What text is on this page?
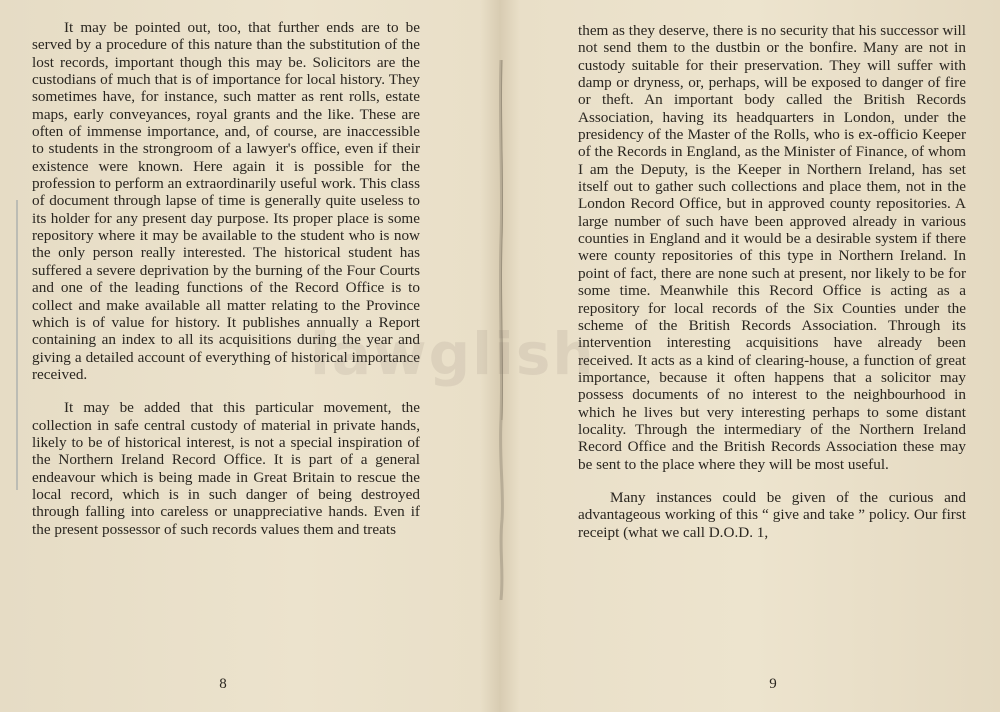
It may be pointed out, too, that further ends are to be served by a procedure of this nature than the substitution of the lost records, important though this may be. Solicitors are the custodians of much that is of importance for local history. They sometimes have, for instance, such matter as rent rolls, estate maps, early conveyances, royal grants and the like. These are often of immense importance, and, of course, are inaccessible to students in the strongroom of a lawyer's office, even if their existence were known. Here again it is possible for the profession to perform an extraordinarily useful work. This class of document through lapse of time is generally quite useless to its holder for any present day purpose. Its proper place is some repository where it may be available to the student who is now the only person really interested. The historical student has suffered a severe deprivation by the burning of the Four Courts and one of the leading functions of the Record Office is to collect and make available all matter relating to the Province which is of value for history. It publishes annually a Report containing an index to all its acquisitions during the year and giving a detailed account of everything of historical importance received.

It may be added that this particular movement, the collection in safe central custody of material in private hands, likely to be of historical interest, is not a special inspiration of the Northern Ireland Record Office. It is part of a general endeavour which is being made in Great Britain to rescue the local record, which is in such danger of being destroyed through falling into careless or unappreciative hands. Even if the present possessor of such records values them and treats

8

them as they deserve, there is no security that his successor will not send them to the dustbin or the bonfire. Many are not in custody suitable for their preservation. They will suffer with damp or dryness, or, perhaps, will be exposed to danger of fire or theft. An important body called the British Records Association, having its headquarters in London, under the presidency of the Master of the Rolls, who is ex-officio Keeper of the Records in England, as the Minister of Finance, of whom I am the Deputy, is the Keeper in Northern Ireland, has set itself out to gather such collections and place them, not in the London Record Office, but in approved county repositories. A large number of such have been approved already in various counties in England and it would be a desirable system if there were county repositories of this type in Northern Ireland. In point of fact, there are none such at present, nor likely to be for some time. Meanwhile this Record Office is acting as a repository for local records of the Six Counties under the scheme of the British Records Association. Through its intervention interesting acquisitions have already been received. It acts as a kind of clearing-house, a function of great importance, because it often happens that a solicitor may possess documents of no interest to the neighbourhood in which he lives but very interesting perhaps to some distant locality. Through the intermediary of the Northern Ireland Record Office and the British Records Association these may be sent to the place where they will be most useful.

Many instances could be given of the curious and advantageous working of this “ give and take ” policy. Our first receipt (what we call D.O.D. 1,

9
lawglish
